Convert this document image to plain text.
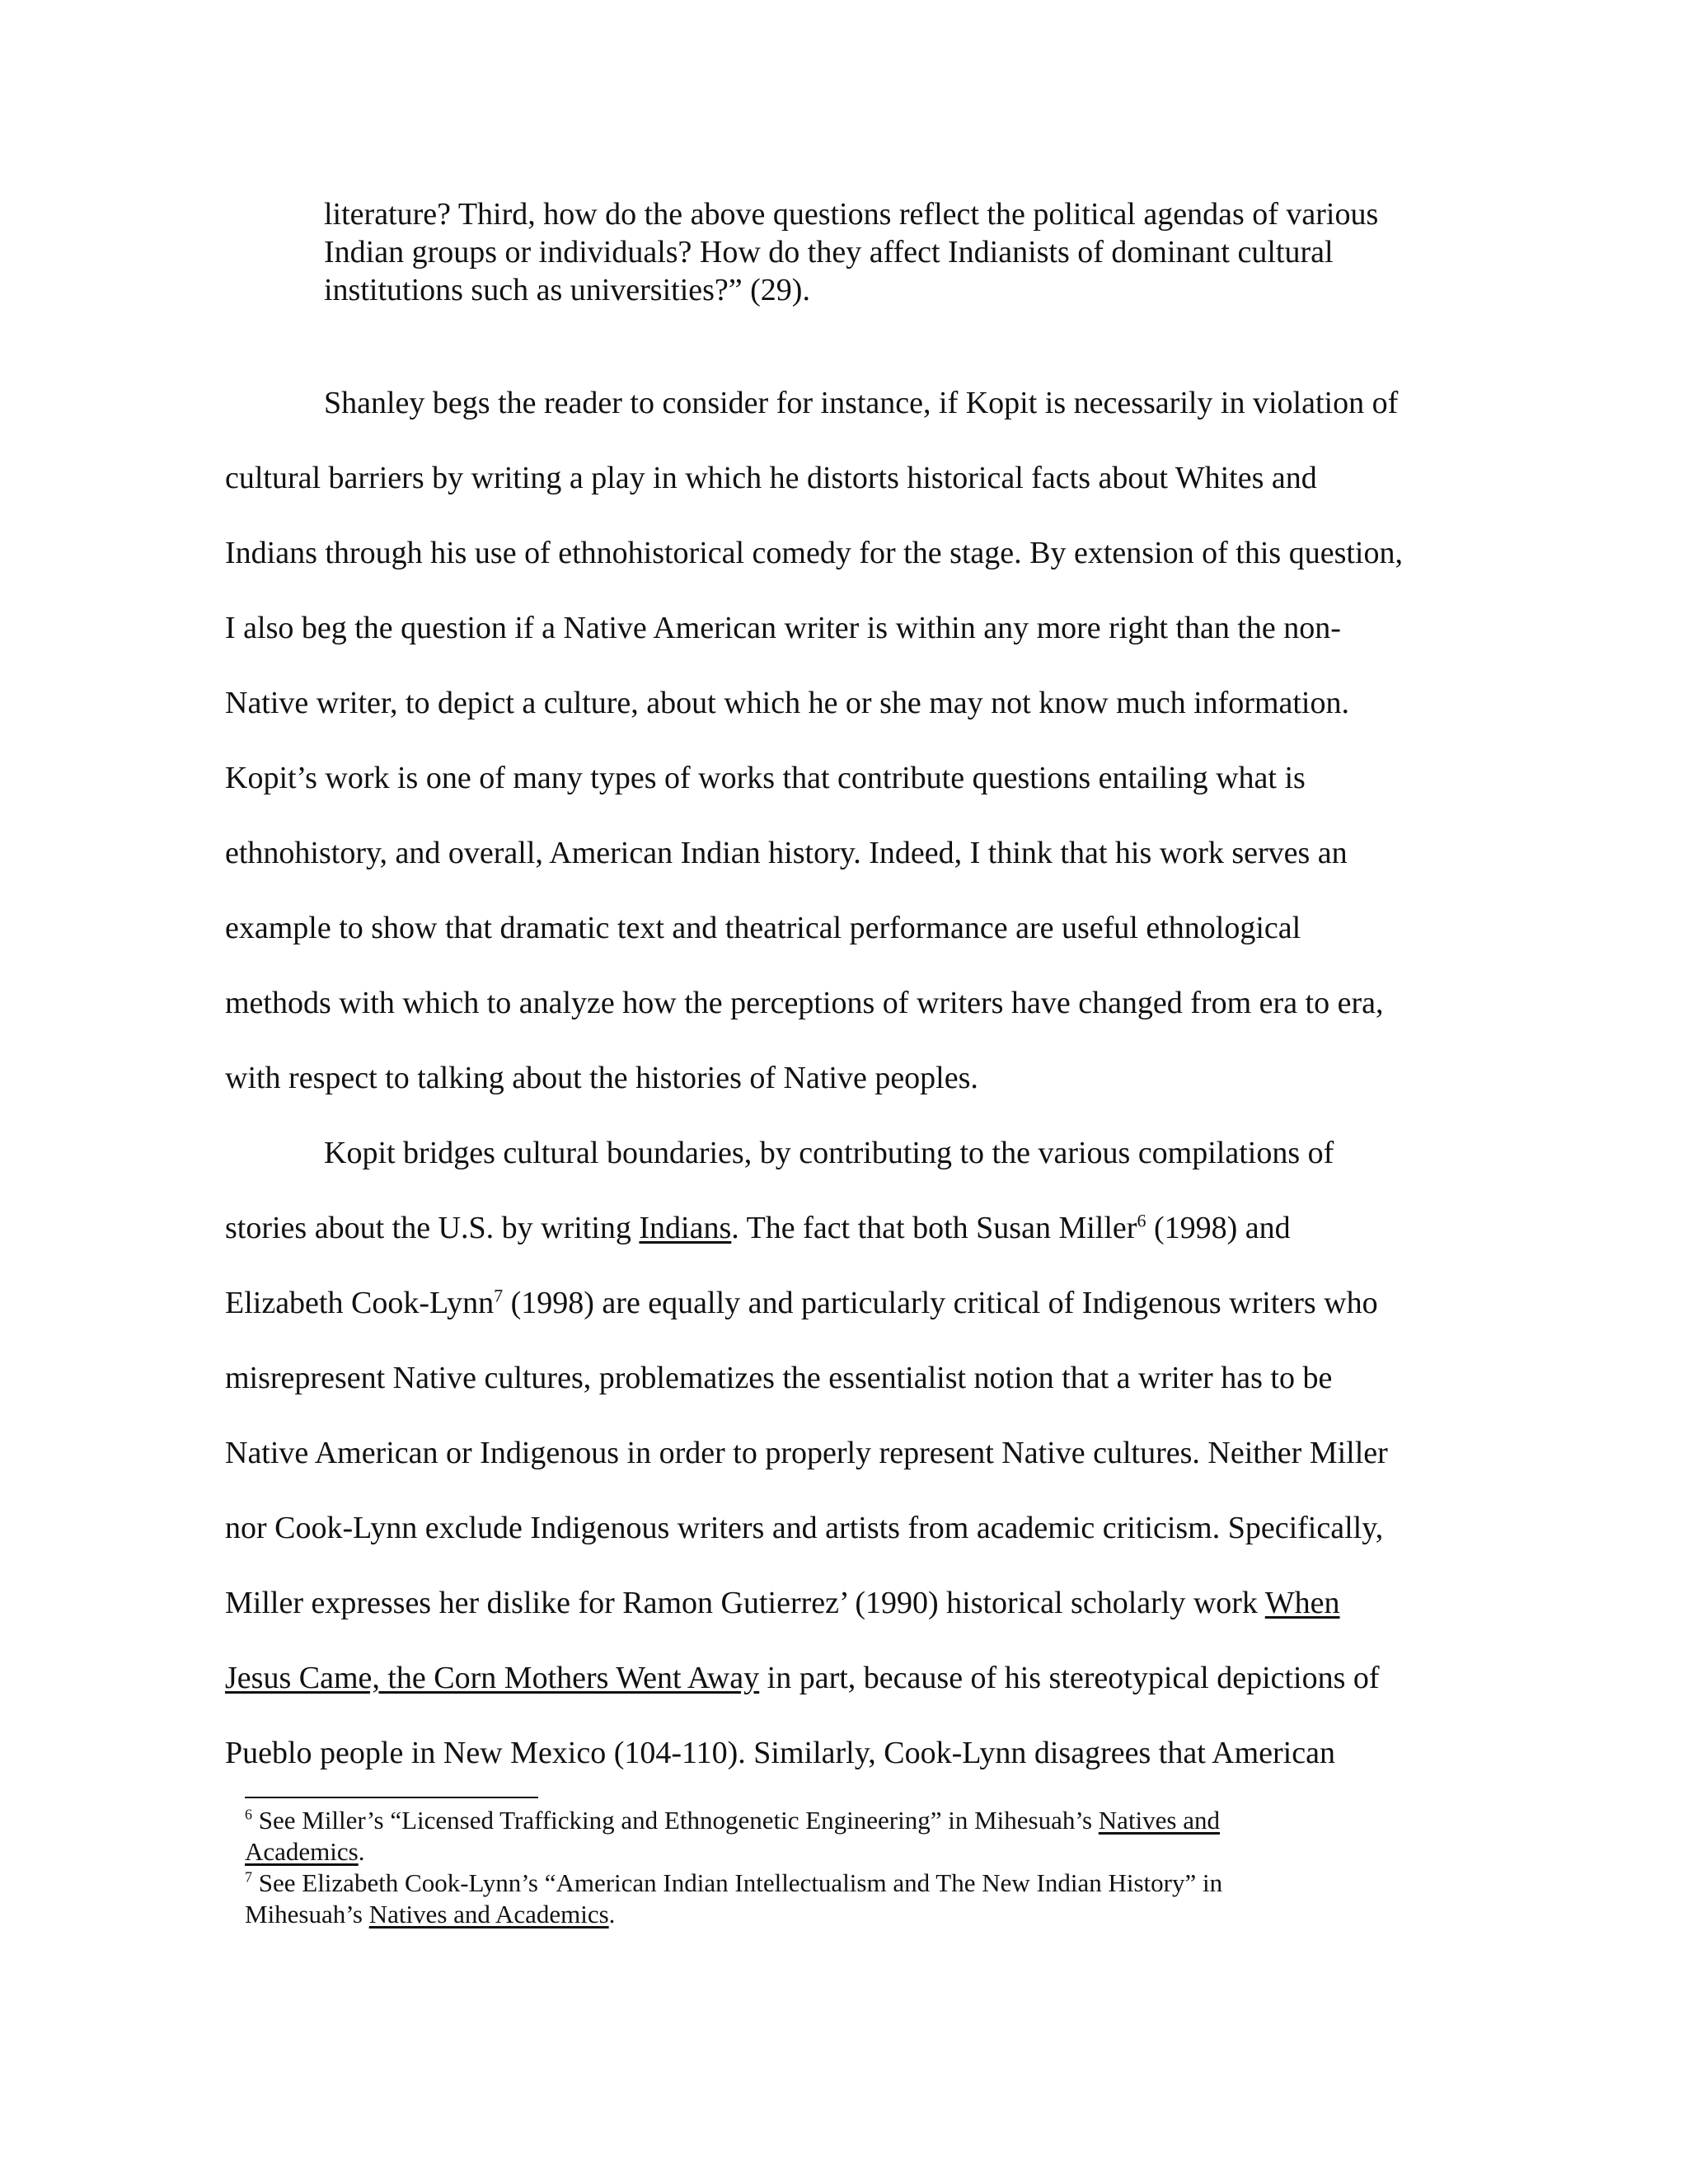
literature? Third, how do the above questions reflect the political agendas of various
Indian groups or individuals? How do they affect Indianists of dominant cultural
institutions such as universities?” (29).
Shanley begs the reader to consider for instance, if Kopit is necessarily in violation of
cultural barriers by writing a play in which he distorts historical facts about Whites and
Indians through his use of ethnohistorical comedy for the stage. By extension of this question,
I also beg the question if a Native American writer is within any more right than the non-
Native writer, to depict a culture, about which he or she may not know much information.
Kopit’s work is one of many types of works that contribute questions entailing what is
ethnohistory, and overall, American Indian history. Indeed, I think that his work serves an
example to show that dramatic text and theatrical performance are useful ethnological
methods with which to analyze how the perceptions of writers have changed from era to era,
with respect to talking about the histories of Native peoples.
Kopit bridges cultural boundaries, by contributing to the various compilations of
stories about the U.S. by writing Indians. The fact that both Susan Miller$^6$ (1998) and
Elizabeth Cook-Lynn$^7$ (1998) are equally and particularly critical of Indigenous writers who
misrepresent Native cultures, problematizes the essentialist notion that a writer has to be
Native American or Indigenous in order to properly represent Native cultures. Neither Miller
nor Cook-Lynn exclude Indigenous writers and artists from academic criticism. Specifically,
Miller expresses her dislike for Ramon Gutierrez’ (1990) historical scholarly work When
Jesus Came, the Corn Mothers Went Away in part, because of his stereotypical depictions of
Pueblo people in New Mexico (104-110). Similarly, Cook-Lynn disagrees that American
$^6$ See Miller’s “Licensed Trafficking and Ethnogenetic Engineering” in Mihesuah’s Natives and
Academics.
$^7$ See Elizabeth Cook-Lynn’s “American Indian Intellectualism and The New Indian History” in
Mihesuah’s Natives and Academics.
